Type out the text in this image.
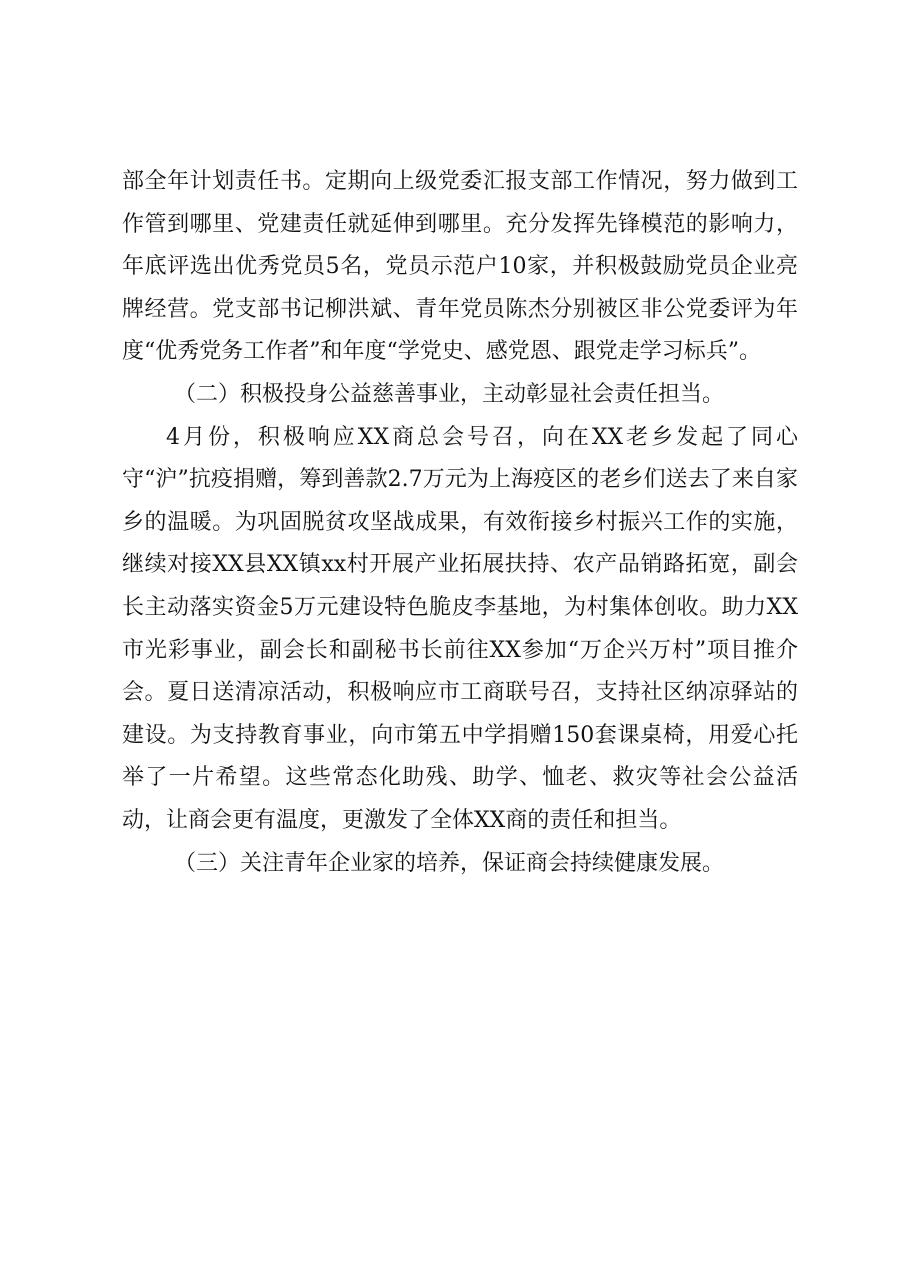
部全年计划责任书。定期向上级党委汇报支部工作情况，努力做到工作管到哪里、党建责任就延伸到哪里。充分发挥先锋模范的影响力，年底评选出优秀党员5名，党员示范户10家，并积极鼓励党员企业亮牌经营。党支部书记柳洪斌、青年党员陈杰分别被区非公党委评为年度“优秀党务工作者”和年度“学党史、感党恩、跟党走学习标兵”。

（二）积极投身公益慈善事业，主动彰显社会责任担当。

4月份，积极响应XX商总会号召，向在XX老乡发起了同心守“沪”抗疫捐赠，筹到善款2.7万元为上海疫区的老乡们送去了来自家乡的温暖。为巩固脱贫攻坚战成果，有效衔接乡村振兴工作的实施，继续对接XX县XX镇xx村开展产业拓展扶持、农产品销路拓宽，副会长主动落实资金5万元建设特色脆皮李基地，为村集体创收。助力XX市光彩事业，副会长和副秘书长前往XX参加“万企兴万村”项目推介会。夏日送清凉活动，积极响应市工商联号召，支持社区纳凉驿站的建设。为支持教育事业，向市第五中学捐赠150套课桌椅，用爱心托举了一片希望。这些常态化助残、助学、恤老、救灾等社会公益活动，让商会更有温度，更激发了全体XX商的责任和担当。

（三）关注青年企业家的培养，保证商会持续健康发展。
